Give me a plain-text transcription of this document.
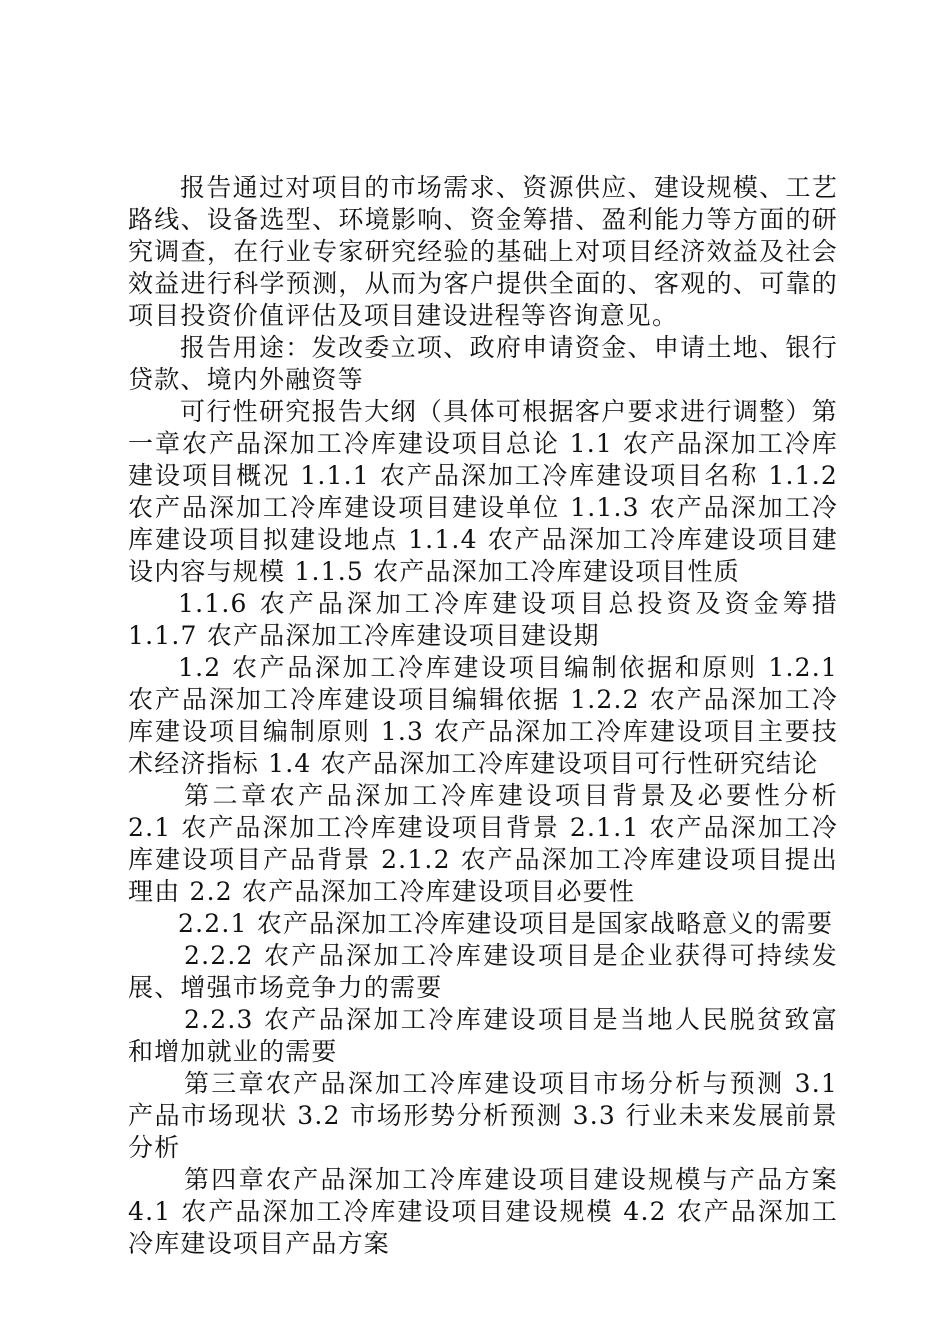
报告通过对项目的市场需求、资源供应、建设规模、工艺路线、设备选型、环境影响、资金筹措、盈利能力等方面的研究调查，在行业专家研究经验的基础上对项目经济效益及社会效益进行科学预测，从而为客户提供全面的、客观的、可靠的项目投资价值评估及项目建设进程等咨询意见。

报告用途：发改委立项、政府申请资金、申请土地、银行贷款、境内外融资等

可行性研究报告大纲（具体可根据客户要求进行调整）第一章农产品深加工冷库建设项目总论 1.1 农产品深加工冷库建设项目概况 1.1.1 农产品深加工冷库建设项目名称 1.1.2 农产品深加工冷库建设项目建设单位 1.1.3 农产品深加工冷库建设项目拟建设地点 1.1.4 农产品深加工冷库建设项目建设内容与规模 1.1.5 农产品深加工冷库建设项目性质

1.1.6 农产品深加工冷库建设项目总投资及资金筹措 1.1.7 农产品深加工冷库建设项目建设期

1.2 农产品深加工冷库建设项目编制依据和原则 1.2.1 农产品深加工冷库建设项目编辑依据 1.2.2 农产品深加工冷库建设项目编制原则 1.3 农产品深加工冷库建设项目主要技术经济指标 1.4 农产品深加工冷库建设项目可行性研究结论

第二章农产品深加工冷库建设项目背景及必要性分析 2.1 农产品深加工冷库建设项目背景 2.1.1 农产品深加工冷库建设项目产品背景 2.1.2 农产品深加工冷库建设项目提出理由 2.2 农产品深加工冷库建设项目必要性

2.2.1 农产品深加工冷库建设项目是国家战略意义的需要

2.2.2 农产品深加工冷库建设项目是企业获得可持续发展、增强市场竞争力的需要

2.2.3 农产品深加工冷库建设项目是当地人民脱贫致富和增加就业的需要

第三章农产品深加工冷库建设项目市场分析与预测 3.1 产品市场现状 3.2 市场形势分析预测 3.3 行业未来发展前景分析

第四章农产品深加工冷库建设项目建设规模与产品方案 4.1 农产品深加工冷库建设项目建设规模 4.2 农产品深加工冷库建设项目产品方案
